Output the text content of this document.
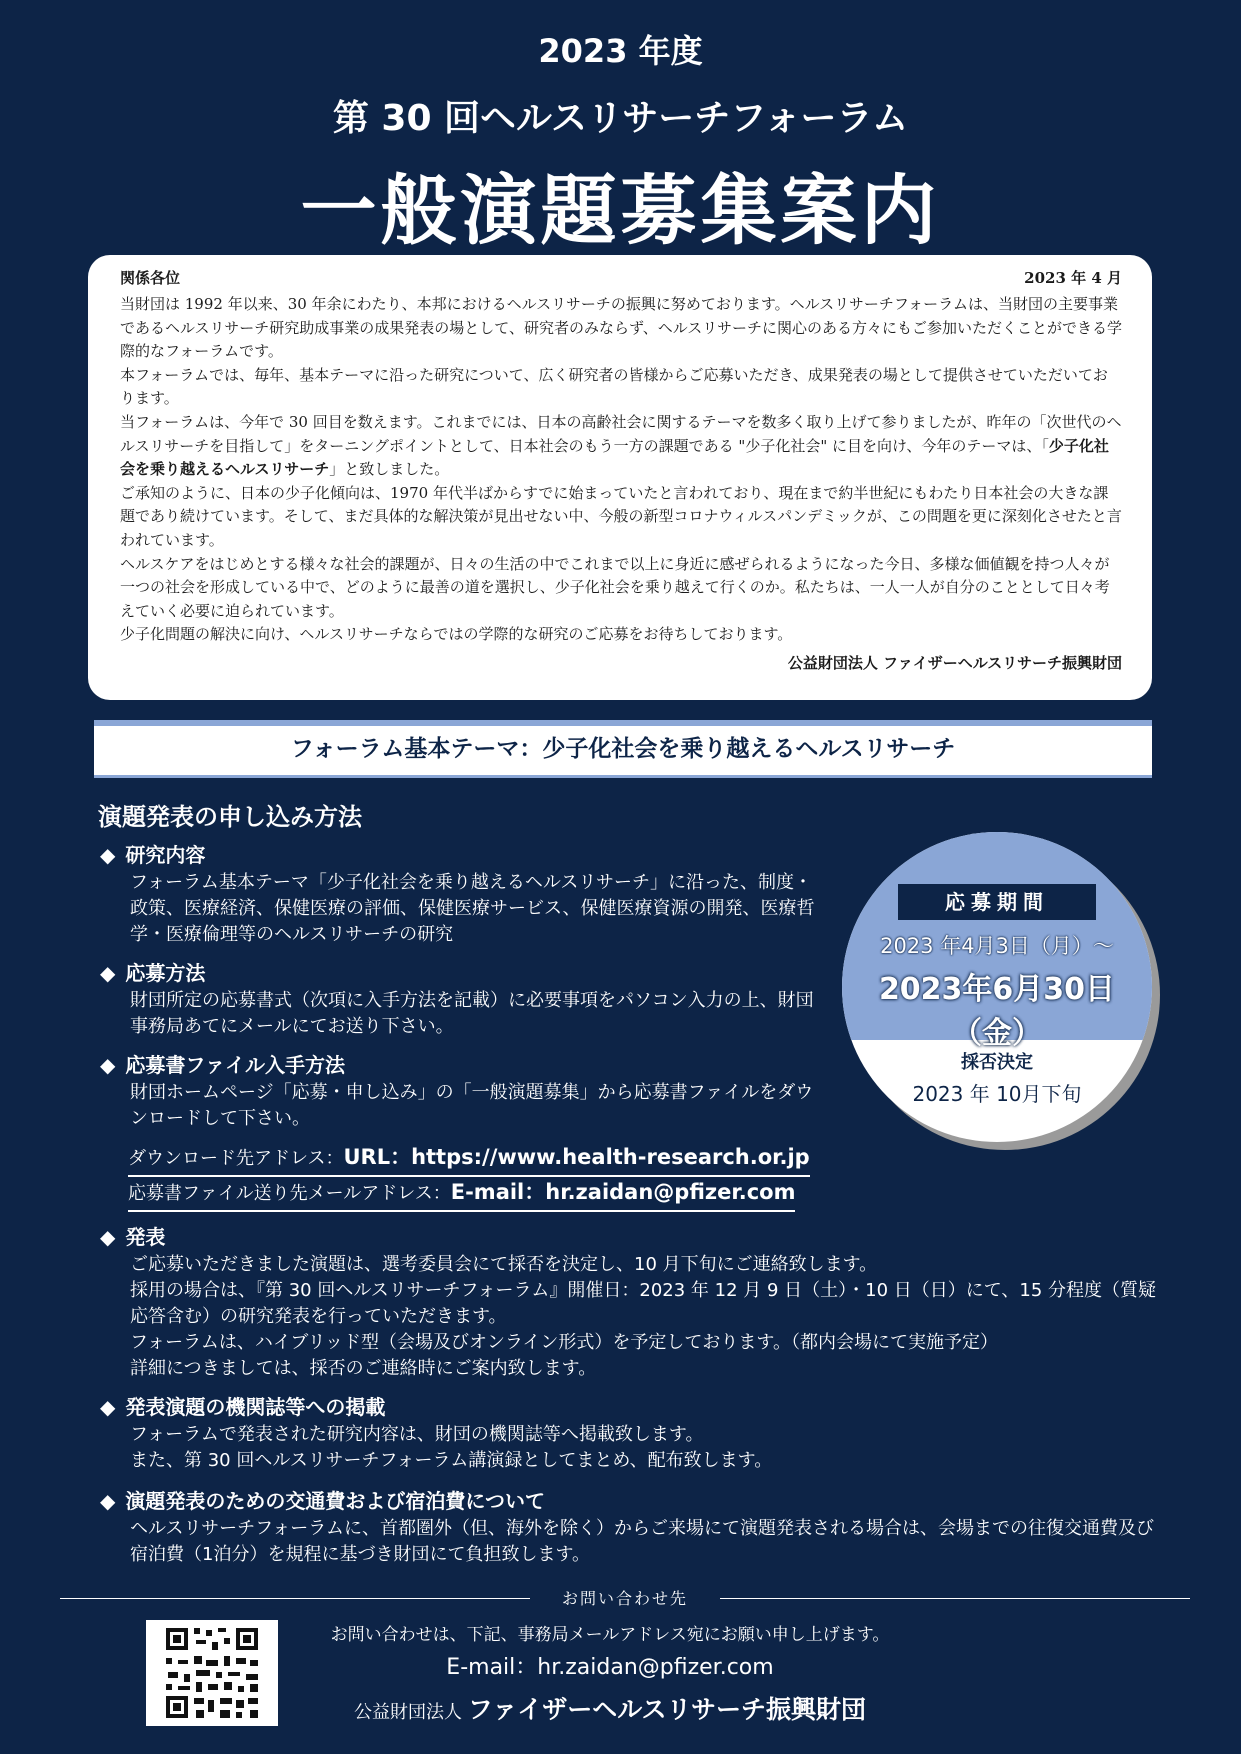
2023 年度
第 30 回ヘルスリサーチフォーラム
一般演題募集案内
関係各位	2023 年 4 月

当財団は 1992 年以来、30 年余にわたり、本邦におけるヘルスリサーチの振興に努めております。ヘルスリサーチフォーラムは、当財団の主要事業であるヘルスリサーチ研究助成事業の成果発表の場として、研究者のみならず、ヘルスリサーチに関心のある方々にもご参加いただくことができる学際的なフォーラムです。

本フォーラムでは、毎年、基本テーマに沿った研究について、広く研究者の皆様からご応募いただき、成果発表の場として提供させていただいております。

当フォーラムは、今年で 30 回目を数えます。これまでには、日本の高齢社会に関するテーマを数多く取り上げて参りましたが、昨年の「次世代のヘルスリサーチを目指して」をターニングポイントとして、日本社会のもう一方の課題である "少子化社会" に目を向け、今年のテーマは、「少子化社会を乗り越えるヘルスリサーチ」と致しました。

ご承知のように、日本の少子化傾向は、1970 年代半ばからすでに始まっていたと言われており、現在まで約半世紀にもわたり日本社会の大きな課題であり続けています。そして、まだ具体的な解決策が見出せない中、今般の新型コロナウィルスパンデミックが、この問題を更に深刻化させたと言われています。

ヘルスケアをはじめとする様々な社会的課題が、日々の生活の中でこれまで以上に身近に感ぜられるようになった今日、多様な価値観を持つ人々が一つの社会を形成している中で、どのように最善の道を選択し、少子化社会を乗り越えて行くのか。私たちは、一人一人が自分のこととして日々考えていく必要に迫られています。

少子化問題の解決に向け、ヘルスリサーチならではの学際的な研究のご応募をお待ちしております。

公益財団法人 ファイザーヘルスリサーチ振興財団
フォーラム基本テーマ：少子化社会を乗り越えるヘルスリサーチ
演題発表の申し込み方法
◆ 研究内容
フォーラム基本テーマ「少子化社会を乗り越えるヘルスリサーチ」に沿った、制度・政策、医療経済、保健医療の評価、保健医療サービス、保健医療資源の開発、医療哲学・医療倫理等のヘルスリサーチの研究
◆ 応募方法
財団所定の応募書式（次項に入手方法を記載）に必要事項をパソコン入力の上、財団事務局あてにメールにてお送り下さい。
◆ 応募書ファイル入手方法
財団ホームページ「応募・申し込み」の「一般演題募集」から応募書ファイルをダウンロードして下さい。
ダウンロード先アドレス：URL：https://www.health-research.or.jp
応募書ファイル送り先メールアドレス：E-mail：hr.zaidan@pfizer.com
◆ 発表
ご応募いただきました演題は、選考委員会にて採否を決定し、10 月下旬にご連絡致します。
採用の場合は、『第 30 回ヘルスリサーチフォーラム』開催日：2023 年 12 月 9 日（土）・10 日（日）にて、15 分程度（質疑応答含む）の研究発表を行っていただきます。
フォーラムは、ハイブリッド型（会場及びオンライン形式）を予定しております。（都内会場にて実施予定）
詳細につきましては、採否のご連絡時にご案内致します。
◆ 発表演題の機関誌等への掲載
フォーラムで発表された研究内容は、財団の機関誌等へ掲載致します。
また、第 30 回ヘルスリサーチフォーラム講演録としてまとめ、配布致します。
◆ 演題発表のための交通費および宿泊費について
ヘルスリサーチフォーラムに、首都圏外（但、海外を除く）からご来場にて演題発表される場合は、会場までの往復交通費及び宿泊費（1泊分）を規程に基づき財団にて負担致します。
応募期間
2023 年4月3日（月）〜
2023年6月30日（金）
採否決定
2023 年 10月下旬
お問い合わせ先
お問い合わせは、下記、事務局メールアドレス宛にお願い申し上げます。
E-mail：hr.zaidan@pfizer.com
公益財団法人 ファイザーヘルスリサーチ振興財団
